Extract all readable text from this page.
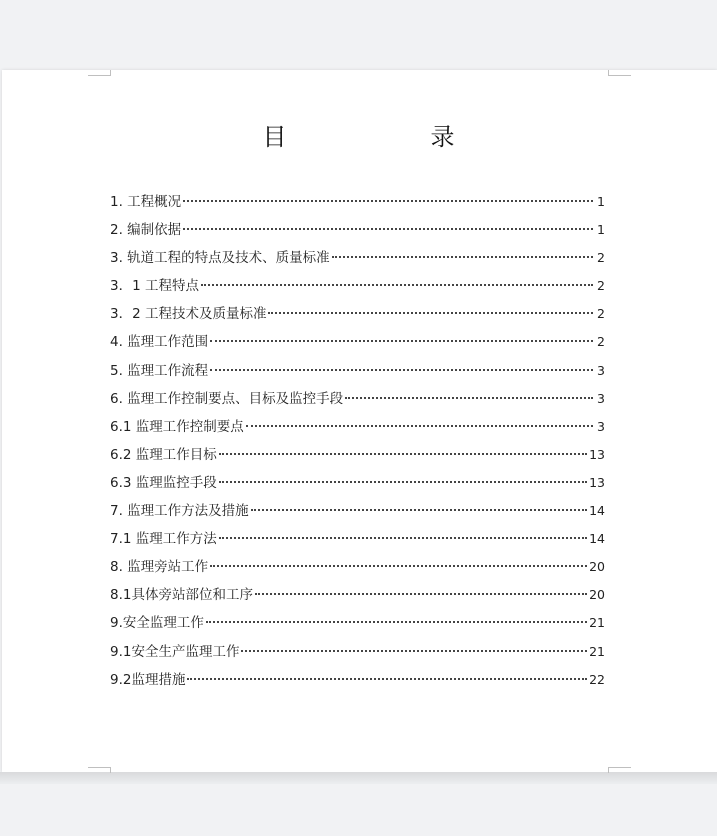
目　录
1. 工程概况	1
2. 编制依据	1
3. 轨道工程的特点及技术、质量标准	2
3．1 工程特点	2
3．2 工程技术及质量标准	2
4. 监理工作范围	2
5. 监理工作流程	3
6. 监理工作控制要点、目标及监控手段	3
6.1 监理工作控制要点	3
6.2 监理工作目标	13
6.3 监理监控手段	13
7. 监理工作方法及措施	14
7.1 监理工作方法	14
8. 监理旁站工作	20
8.1具体旁站部位和工序	20
9.安全监理工作	21
9.1安全生产监理工作	21
9.2监理措施	22
